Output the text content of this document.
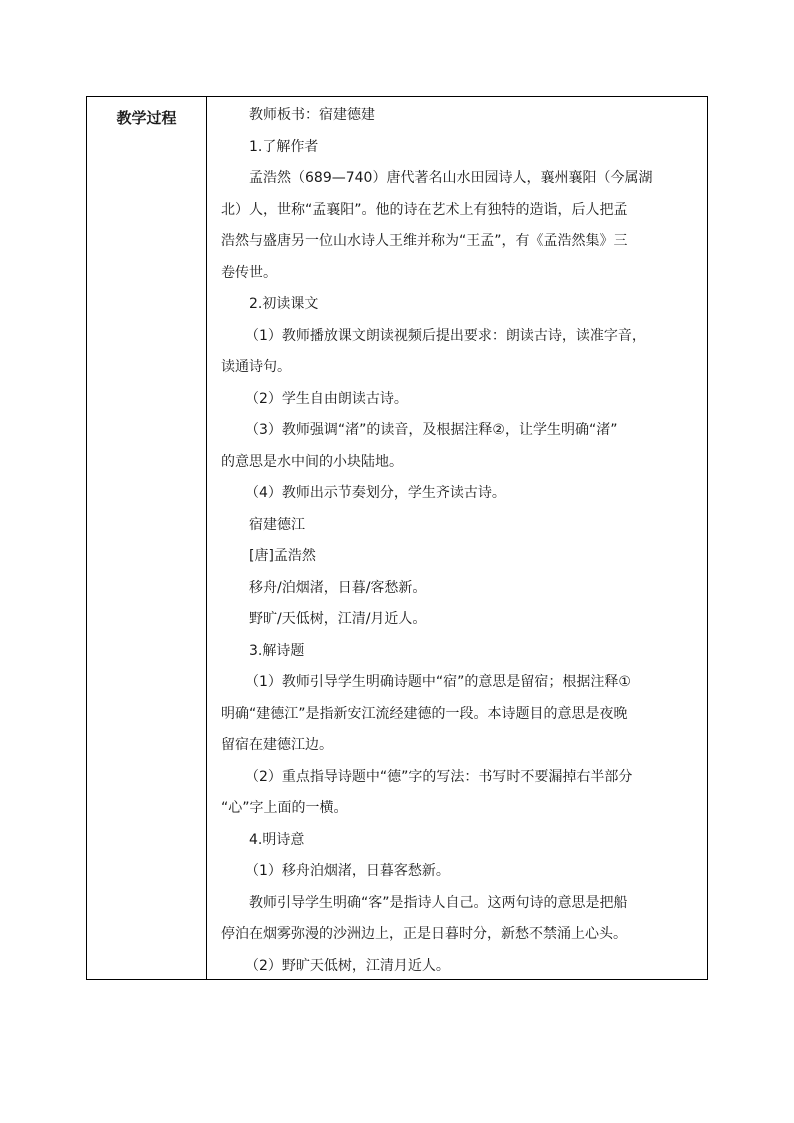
教学过程	教师板书：宿建德建
1.了解作者
孟浩然（689—740）唐代著名山水田园诗人，襄州襄阳（今属湖
北）人，世称“孟襄阳”。他的诗在艺术上有独特的造诣，后人把孟
浩然与盛唐另一位山水诗人王维并称为“王孟”，有《孟浩然集》三
卷传世。
2.初读课文
（1）教师播放课文朗读视频后提出要求：朗读古诗，读准字音，
读通诗句。
（2）学生自由朗读古诗。
（3）教师强调“渚”的读音，及根据注释②，让学生明确“渚”
的意思是水中间的小块陆地。
（4）教师出示节奏划分，学生齐读古诗。
宿建德江
[唐]孟浩然
移舟/泊烟渚，日暮/客愁新。
野旷/天低树，江清/月近人。
3.解诗题
（1）教师引导学生明确诗题中“宿”的意思是留宿；根据注释①
明确“建德江”是指新安江流经建德的一段。本诗题目的意思是夜晚
留宿在建德江边。
（2）重点指导诗题中“德”字的写法：书写时不要漏掉右半部分
“心”字上面的一横。
4.明诗意
（1）移舟泊烟渚，日暮客愁新。
教师引导学生明确“客”是指诗人自己。这两句诗的意思是把船
停泊在烟雾弥漫的沙洲边上，正是日暮时分，新愁不禁涌上心头。
（2）野旷天低树，江清月近人。
